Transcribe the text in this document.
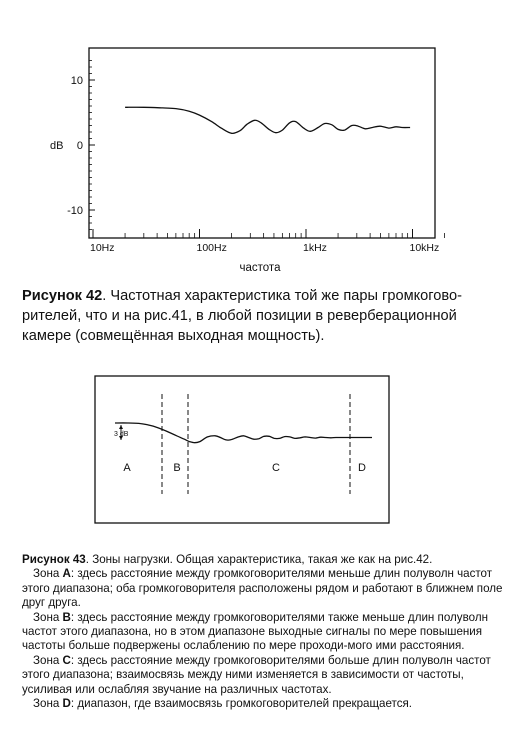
10Hz	100Hz	1kHz	10kHz
10
0
-10
dB
частота
Рисунок 42. Частотная характеристика той же пары громкогово-рителей, что и на рис.41, в любой позиции в реверберационной камере (совмещённая выходная мощность).
3 dB
A	B	C	D

Рисунок 43. Зоны нагрузки. Общая характеристика, такая же как на рис.42.

Зона A: здесь расстояние между громкоговорителями меньше длин полуволн частот этого диапазона; оба громкоговорителя расположены рядом и работают в ближнем поле друг друга.

Зона B: здесь расстояние между громкоговорителями также меньше длин полуволн частот этого диапазона, но в этом диапазоне выходные сигналы по мере повышения частоты больше подвержены ослаблению по мере проходи-мого ими расстояния.

Зона C: здесь расстояние между громкоговорителями больше длин полуволн частот этого диапазона; взаимосвязь между ними изменяется в зависимости от частоты, усиливая или ослабляя звучание на различных частотах.

Зона D: диапазон, где взаимосвязь громкоговорителей прекращается.
